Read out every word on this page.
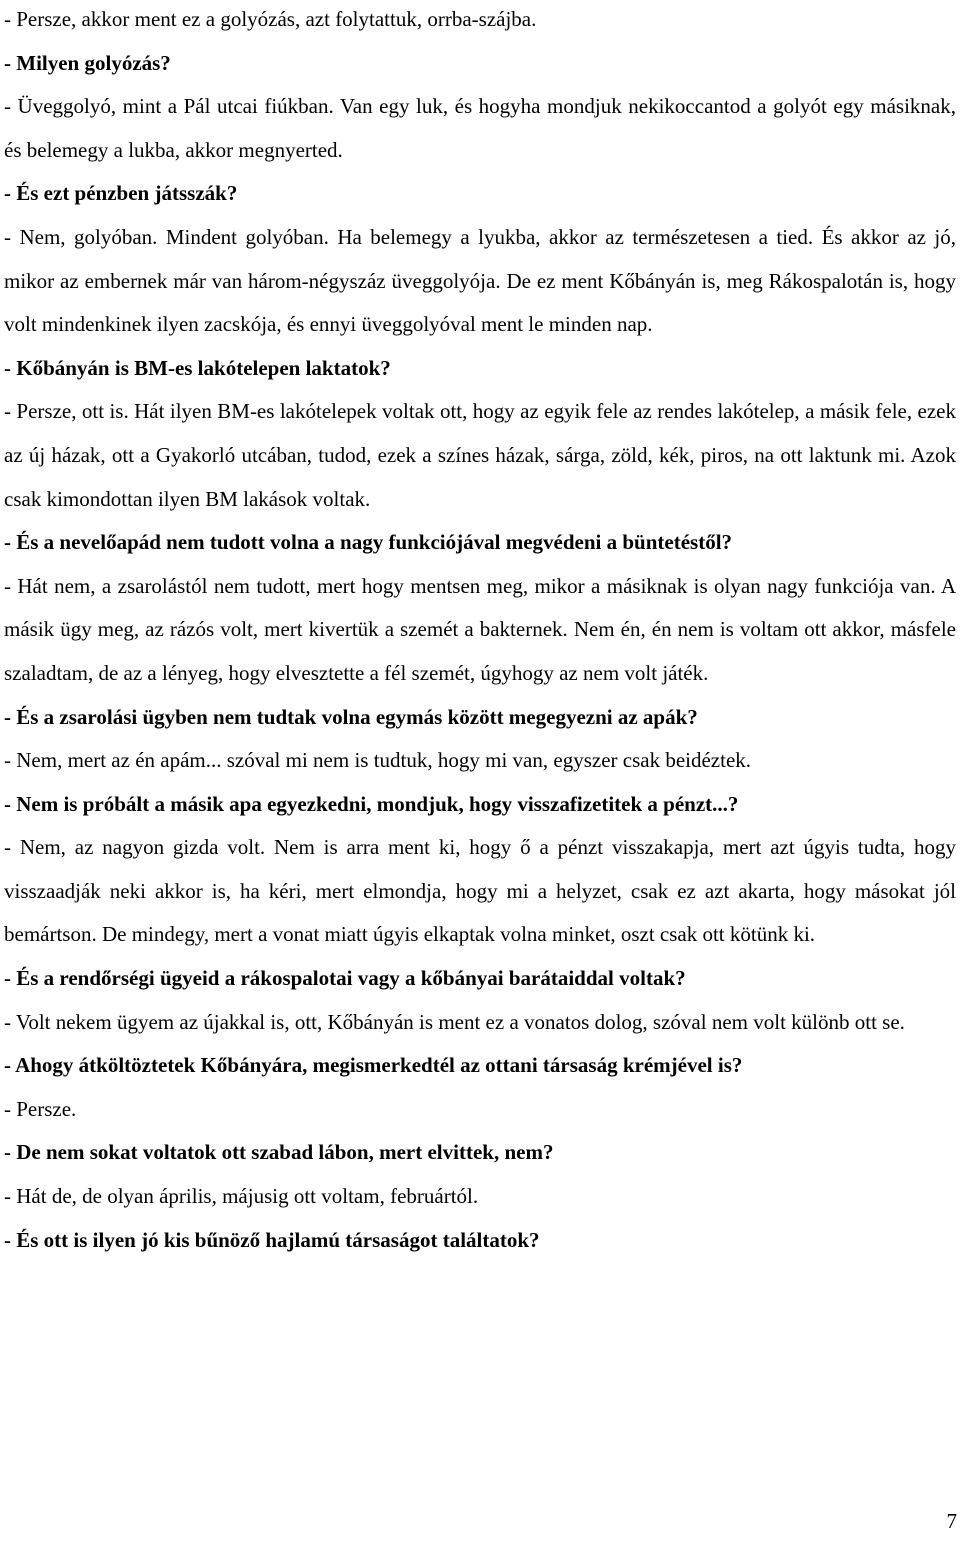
- Persze, akkor ment ez a golyózás, azt folytattuk, orrba-szájba.

- Milyen golyózás?

- Üveggolyó, mint a Pál utcai fiúkban. Van egy luk, és hogyha mondjuk nekikoccantod a golyót egy másiknak, és belemegy a lukba, akkor megnyerted.

- És ezt pénzben játsszák?

- Nem, golyóban. Mindent golyóban. Ha belemegy a lyukba, akkor az természetesen a tied. És akkor az jó, mikor az embernek már van három-négyszáz üveggolyója. De ez ment Kőbányán is, meg Rákospalotán is, hogy volt mindenkinek ilyen zacskója, és ennyi üveggolyóval ment le minden nap.

- Kőbányán is BM-es lakótelepen laktatok?

- Persze, ott is. Hát ilyen BM-es lakótelepek voltak ott, hogy az egyik fele az rendes lakótelep, a másik fele, ezek az új házak, ott a Gyakorló utcában, tudod, ezek a színes házak, sárga, zöld, kék, piros, na ott laktunk mi. Azok csak kimondottan ilyen BM lakások voltak.

- És a nevelőapád nem tudott volna a nagy funkciójával megvédeni a büntetéstől?

- Hát nem, a zsarolástól nem tudott, mert hogy mentsen meg, mikor a másiknak is olyan nagy funkciója van. A másik ügy meg, az rázós volt, mert kivertük a szemét a bakternek. Nem én, én nem is voltam ott akkor, másfele szaladtam, de az a lényeg, hogy elvesztette a fél szemét, úgyhogy az nem volt játék.

- És a zsarolási ügyben nem tudtak volna egymás között megegyezni az apák?

- Nem, mert az én apám... szóval mi nem is tudtuk, hogy mi van, egyszer csak beidéztek.

- Nem is próbált a másik apa egyezkedni, mondjuk, hogy visszafizetitek a pénzt...?

- Nem, az nagyon gizda volt. Nem is arra ment ki, hogy ő a pénzt visszakapja, mert azt úgyis tudta, hogy visszaadják neki akkor is, ha kéri, mert elmondja, hogy mi a helyzet, csak ez azt akarta, hogy másokat jól bemártson. De mindegy, mert a vonat miatt úgyis elkaptak volna minket, oszt csak ott kötünk ki.

- És a rendőrségi ügyeid a rákospalotai vagy a kőbányai barátaiddal voltak?

- Volt nekem ügyem az újakkal is, ott, Kőbányán is ment ez a vonatos dolog, szóval nem volt különb ott se.

- Ahogy átköltöztetek Kőbányára, megismerkedtél az ottani társaság krémjével is?

- Persze.

- De nem sokat voltatok ott szabad lábon, mert elvittek, nem?

- Hát de, de olyan április, májusig ott voltam, februártól.

- És ott is ilyen jó kis bűnöző hajlamú társaságot találtatok?

7
